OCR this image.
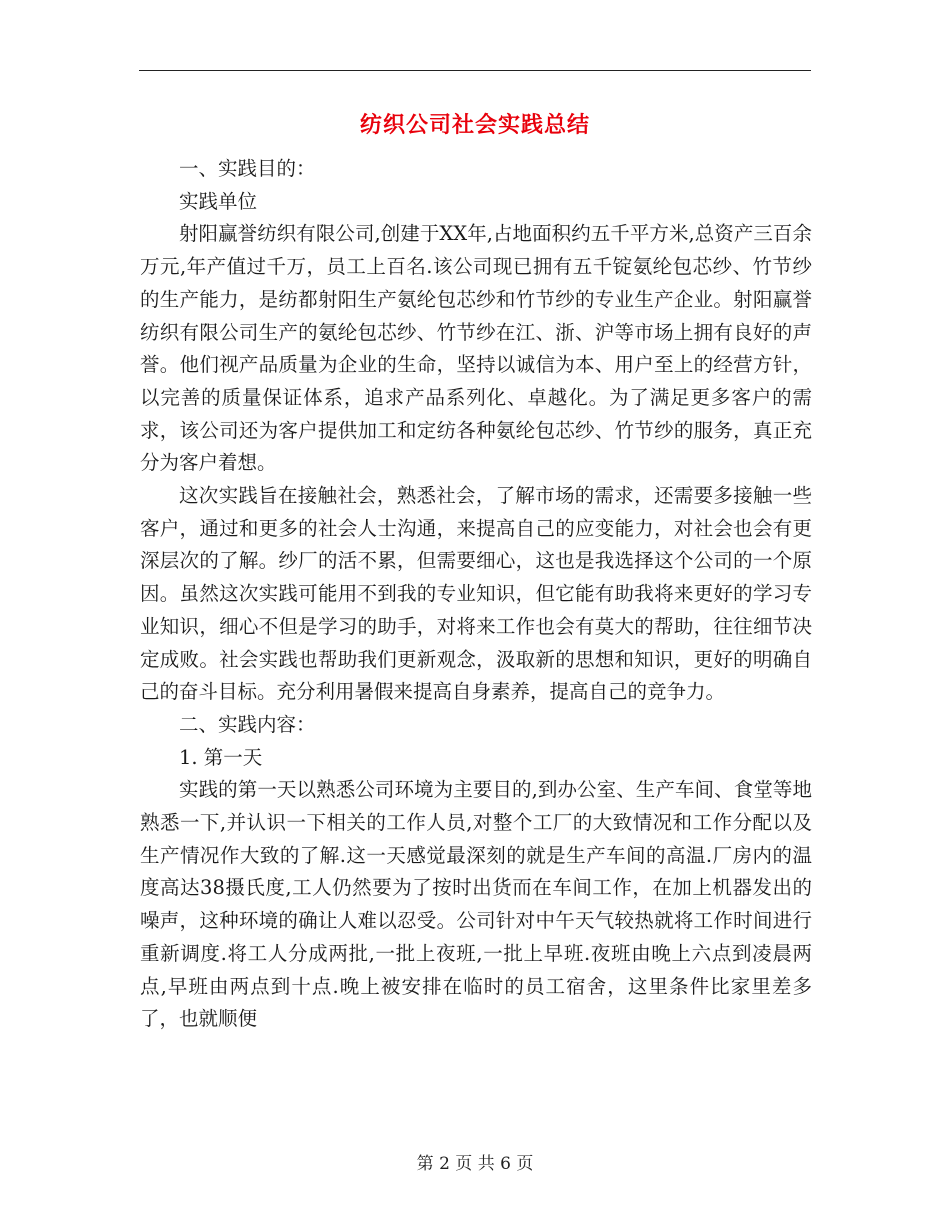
纺织公司社会实践总结

一、实践目的：

实践单位

射阳赢誉纺织有限公司,创建于XX年,占地面积约五千平方米,总资产三百余万元,年产值过千万，员工上百名.该公司现已拥有五千锭氨纶包芯纱、竹节纱的生产能力，是纺都射阳生产氨纶包芯纱和竹节纱的专业生产企业。射阳赢誉纺织有限公司生产的氨纶包芯纱、竹节纱在江、浙、沪等市场上拥有良好的声誉。他们视产品质量为企业的生命，坚持以诚信为本、用户至上的经营方针，以完善的质量保证体系，追求产品系列化、卓越化。为了满足更多客户的需求，该公司还为客户提供加工和定纺各种氨纶包芯纱、竹节纱的服务，真正充分为客户着想。

这次实践旨在接触社会，熟悉社会，了解市场的需求，还需要多接触一些客户，通过和更多的社会人士沟通，来提高自己的应变能力，对社会也会有更深层次的了解。纱厂的活不累，但需要细心，这也是我选择这个公司的一个原因。虽然这次实践可能用不到我的专业知识，但它能有助我将来更好的学习专业知识，细心不但是学习的助手，对将来工作也会有莫大的帮助，往往细节决定成败。社会实践也帮助我们更新观念，汲取新的思想和知识，更好的明确自己的奋斗目标。充分利用暑假来提高自身素养，提高自己的竞争力。

二、实践内容：

1. 第一天

实践的第一天以熟悉公司环境为主要目的,到办公室、生产车间、食堂等地熟悉一下,并认识一下相关的工作人员,对整个工厂的大致情况和工作分配以及生产情况作大致的了解.这一天感觉最深刻的就是生产车间的高温.厂房内的温度高达38摄氏度,工人仍然要为了按时出货而在车间工作，在加上机器发出的噪声，这种环境的确让人难以忍受。公司针对中午天气较热就将工作时间进行重新调度.将工人分成两批,一批上夜班,一批上早班.夜班由晚上六点到凌晨两点,早班由两点到十点.晚上被安排在临时的员工宿舍，这里条件比家里差多了，也就顺便

第 2 页 共 6 页
